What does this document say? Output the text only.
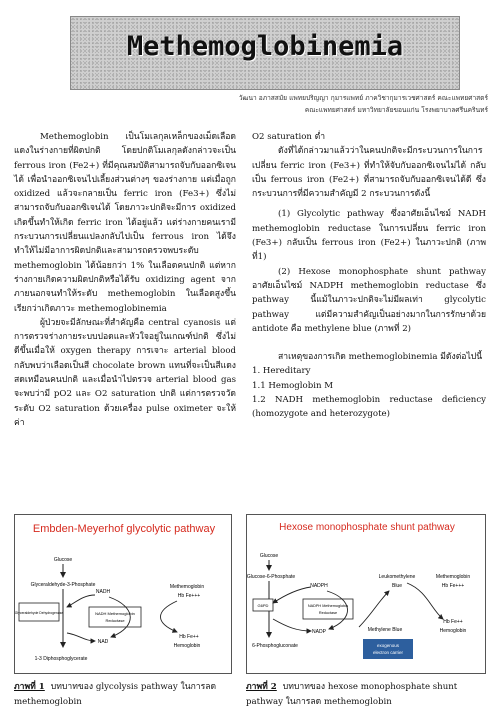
Methemoglobinemia
วัฒนา อภาสสมัย แพทยปริญญา กุมารแพทย์ ภาควิชากุมารเวชศาสตร์ คณะแพทยศาสตร์
คณะแพทยศาสตร์ มหาวิทยาลัยขอนแก่น โรงพยาบาลศรีนครินทร์

Methemoglobin เป็นโมเลกุลเหล็กของเม็ดเลือดแดงในร่างกายที่ผิดปกติ โดยปกติโมเลกุลดังกล่าวจะเป็น ferrous iron (Fe2+) ที่มีคุณสมบัติสามารถจับกับออกซิเจนได้ เพื่อนำออกซิเจนไปเลี้ยงส่วนต่างๆ ของร่างกาย แต่เมื่อถูก oxidized แล้วจะกลายเป็น ferric iron (Fe3+) ซึ่งไม่สามารถจับกับออกซิเจนได้ โดยภาวะปกติจะมีการ oxidized เกิดขึ้นทำให้เกิด ferric iron ได้อยู่แล้ว แต่ร่างกายคนเรามีกระบวนการเปลี่ยนแปลงกลับไปเป็น ferrous iron ได้จึงทำให้ไม่มีอาการผิดปกติและสามารถตรวจพบระดับ methemoglobin ได้น้อยกว่า 1% ในเลือดคนปกติ แต่หากร่างกายเกิดความผิดปกติหรือได้รับ oxidizing agent จากภายนอกจนทำให้ระดับ methemoglobin ในเลือดสูงขึ้นเรียกว่าเกิดภาวะ methemoglobinemia

ผู้ป่วยจะมีลักษณะที่สำคัญคือ central cyanosis แต่การตรวจร่างกายระบบปอดและหัวใจอยู่ในเกณฑ์ปกติ ซึ่งไม่ดีขึ้นเมื่อให้ oxygen therapy การเจาะ arterial blood กลับพบว่าเลือดเป็นสี chocolate brown แทนที่จะเป็นสีแดงสดเหมือนคนปกติ และเมื่อนำไปตรวจ arterial blood gas จะพบว่ามี pO2 และ O2 saturation ปกติ แต่การตรวจวัดระดับ O2 saturation ด้วยเครื่อง pulse oximeter จะให้ค่า

O2 saturation ต่ำ

ดังที่ได้กล่าวมาแล้วว่าในคนปกติจะมีกระบวนการในการเปลี่ยน ferric iron (Fe3+) ที่ทำให้จับกับออกซิเจนไม่ได้ กลับเป็น ferrous iron (Fe2+) ที่สามารถจับกับออกซิเจนได้ดี ซึ่งกระบวนการที่มีความสำคัญมี 2 กระบวนการดังนี้

(1) Glycolytic pathway ซึ่งอาศัยเอ็นไซม์ NADH methemoglobin reductase ในการเปลี่ยน ferric iron (Fe3+) กลับเป็น ferrous iron (Fe2+) ในภาวะปกติ (ภาพที่1)

(2) Hexose monophosphate shunt pathway อาศัยเอ็นไซม์ NADPH methemoglobin reductase ซึ่ง pathway นี้แม้ในภาวะปกติจะไม่มีผลเท่า glycolytic pathway แต่มีความสำคัญเป็นอย่างมากในการรักษาด้วย antidote คือ methylene blue (ภาพที่ 2)

สาเหตุของการเกิด methemoglobinemia มีดังต่อไปนี้

1. Hereditary

1.1 Hemoglobin M

1.2 NADH methemoglobin reductase deficiency (homozygote and heterozygote)

Embden-Meyerhof glycolytic pathway
Glucose
Glyceraldehyde-3-Phosphate
Glyceraldehyde Dehydrogenase
NADH
NAD
NADH Methemoglobin
Reductase
Methemoglobin
Hb Fe+++
Hb Fe++
Hemoglobin
1-3 Diphosphoglycerate
Hexose monophosphate shunt pathway
Glucose
Glucose-6-Phosphate
G6PD
NADPH
NADP
NADPH Methemoglobin
Reductase
Leukomethylene
Blue
Methylene Blue
Methemoglobin
Hb Fe+++
Hb Fe++
Hemoglobin
exogenous
electron carrier
6-Phosphogluconate
ภาพที่ 1 บทบาทของ glycolysis pathway ในการลด methemoglobin
ภาพที่ 2 บทบาทของ hexose monophosphate shunt pathway ในการลด methemoglobin
